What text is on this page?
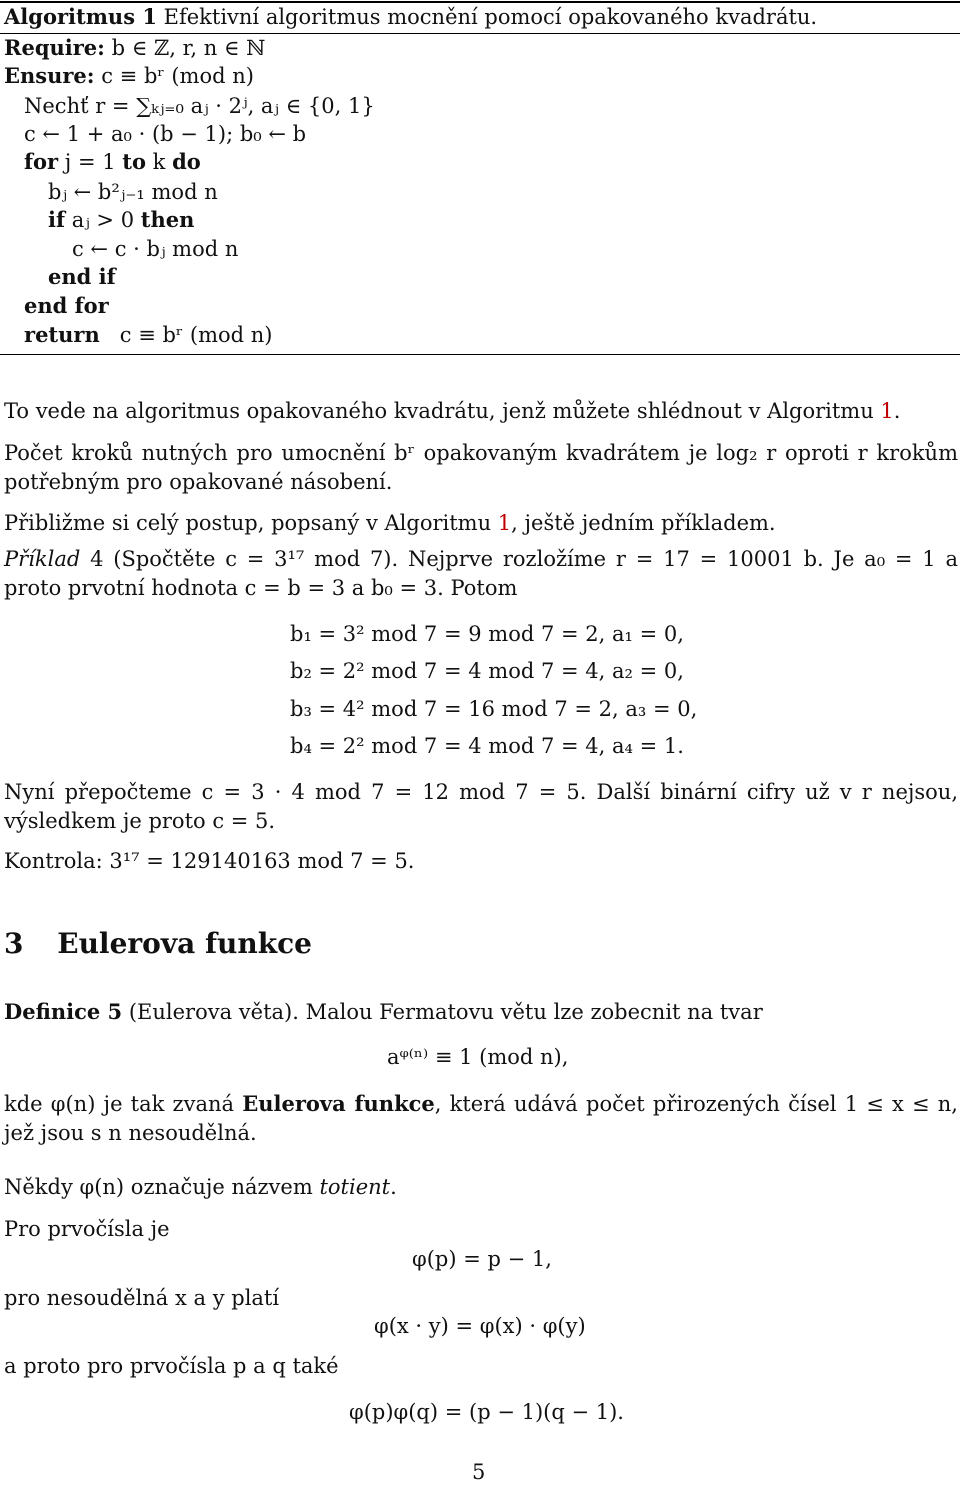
Algoritmus 1 Efektivní algoritmus mocnění pomocí opakovaného kvadrátu.
Require: b ∈ ℤ, r, n ∈ ℕ
Ensure: c ≡ bʳ (mod n)
Nechť r = ∑ₖⱼ₌₀ aⱼ · 2ʲ, aⱼ ∈ {0, 1}
c ← 1 + a₀ · (b − 1); b₀ ← b
for j = 1 to k do
bⱼ ← b²ⱼ₋₁ mod n
if aⱼ > 0 then
c ← c · bⱼ mod n
end if
end for
return   c ≡ bʳ (mod n)
To vede na algoritmus opakovaného kvadrátu, jenž můžete shlédnout v Algoritmu 1.
Počet kroků nutných pro umocnění bʳ opakovaným kvadrátem je log₂ r oproti r krokům potřebným pro opakované násobení.
Přibližme si celý postup, popsaný v Algoritmu 1, ještě jedním příkladem.
Příklad 4 (Spočtěte c = 3¹⁷ mod 7). Nejprve rozložíme r = 17 = 10001 b. Je a₀ = 1 a proto prvotní hodnota c = b = 3 a b₀ = 3. Potom
b₁ = 3² mod 7 = 9 mod 7 = 2, a₁ = 0,
b₂ = 2² mod 7 = 4 mod 7 = 4, a₂ = 0,
b₃ = 4² mod 7 = 16 mod 7 = 2, a₃ = 0,
b₄ = 2² mod 7 = 4 mod 7 = 4, a₄ = 1.
Nyní přepočteme c = 3 · 4 mod 7 = 12 mod 7 = 5. Další binární cifry už v r nejsou, výsledkem je proto c = 5.
Kontrola: 3¹⁷ = 129140163 mod 7 = 5.
3 Eulerova funkce
Definice 5 (Eulerova věta). Malou Fermatovu větu lze zobecnit na tvar
aᵠ⁽ⁿ⁾ ≡ 1 (mod n),
kde φ(n) je tak zvaná Eulerova funkce, která udává počet přirozených čísel 1 ≤ x ≤ n, jež jsou s n nesoudělná.
Někdy φ(n) označuje názvem totient.
Pro prvočísla je
φ(p) = p − 1,
pro nesoudělná x a y platí
φ(x · y) = φ(x) · φ(y)
a proto pro prvočísla p a q také
φ(p)φ(q) = (p − 1)(q − 1).
5
